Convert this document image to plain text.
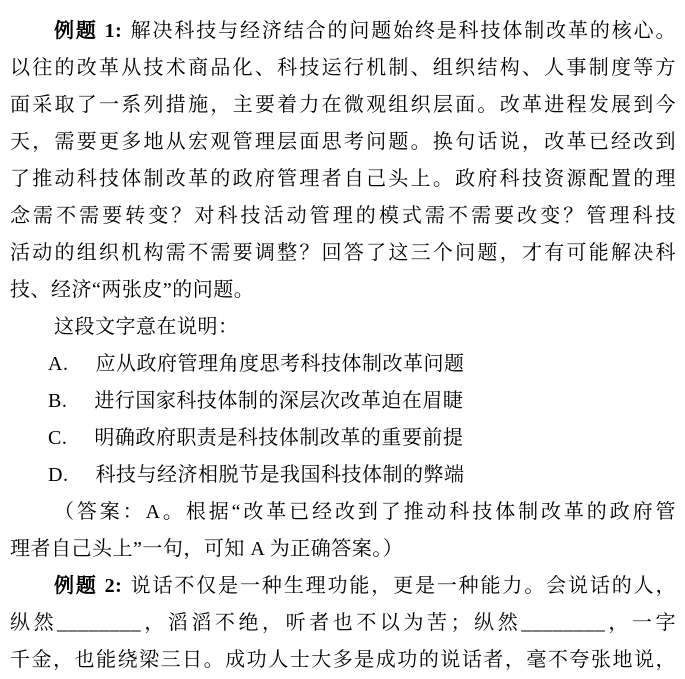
例题 1: 解决科技与经济结合的问题始终是科技体制改革的核心。
以往的改革从技术商品化、科技运行机制、组织结构、人事制度等方
面采取了一系列措施，主要着力在微观组织层面。改革进程发展到今
天，需要更多地从宏观管理层面思考问题。换句话说，改革已经改到
了推动科技体制改革的政府管理者自己头上。政府科技资源配置的理
念需不需要转变？对科技活动管理的模式需不需要改变？管理科技
活动的组织机构需不需要调整？回答了这三个问题，才有可能解决科
技、经济“两张皮”的问题。
这段文字意在说明：
A. 应从政府管理角度思考科技体制改革问题
B. 进行国家科技体制的深层次改革迫在眉睫
C. 明确政府职责是科技体制改革的重要前提
D. 科技与经济相脱节是我国科技体制的弊端
（答案：A。根据“改革已经改到了推动科技体制改革的政府管
理者自己头上”一句，可知 A 为正确答案。）
例题 2: 说话不仅是一种生理功能，更是一种能力。会说话的人，
纵然________，滔滔不绝，听者也不以为苦；纵然________，一字
千金，也能绕梁三日。成功人士大多是成功的说话者，毫不夸张地说，
